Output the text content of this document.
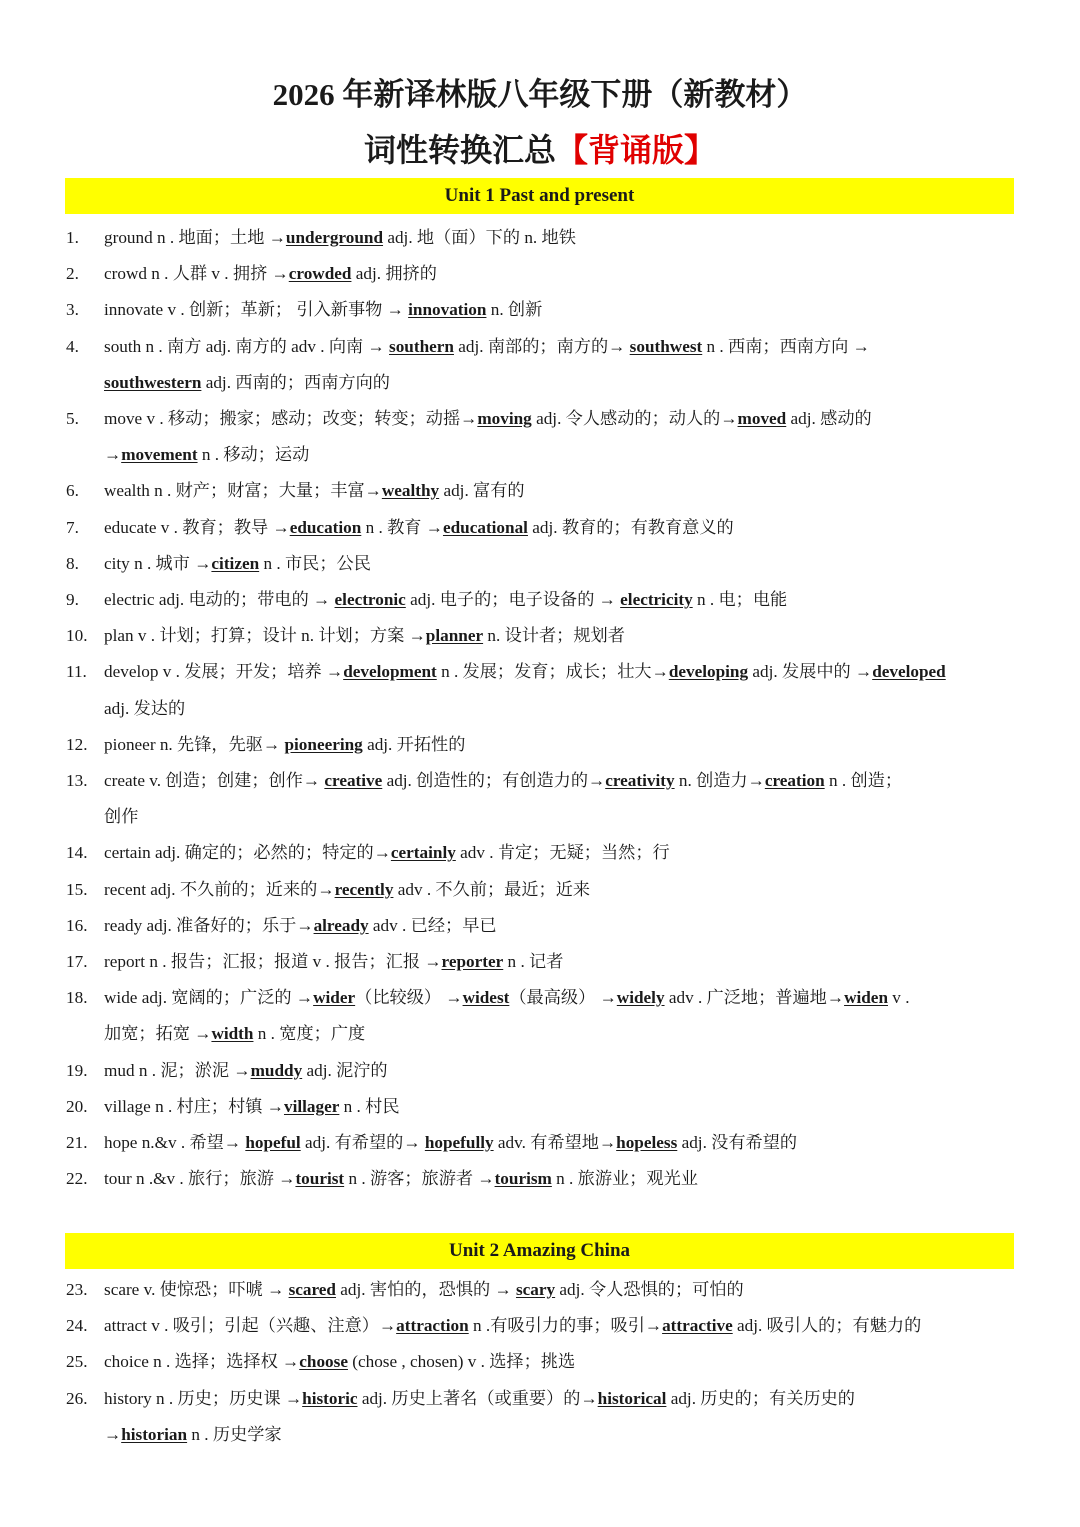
2026 年新译林版八年级下册（新教材）
词性转换汇总【背诵版】
Unit 1 Past and present
1. ground n . 地面；土地 →underground adj. 地（面）下的 n. 地铁
2. crowd n . 人群 v . 拥挤 →crowded adj. 拥挤的
3. innovate v . 创新；革新； 引入新事物 → innovation n. 创新
4. south n . 南方 adj. 南方的 adv . 向南 → southern adj. 南部的；南方的→ southwest n . 西南；西南方向 →
southwestern adj. 西南的；西南方向的
5. move v . 移动；搬家；感动；改变；转变；动摇→moving adj. 令人感动的；动人的→moved adj. 感动的
→movement n . 移动；运动
6. wealth n . 财产；财富；大量；丰富→wealthy adj. 富有的
7. educate v . 教育；教导 →education n . 教育 →educational adj. 教育的；有教育意义的
8. city n . 城市 →citizen n . 市民；公民
9. electric adj. 电动的；带电的 → electronic adj. 电子的；电子设备的 → electricity n . 电；电能
10. plan v . 计划；打算；设计 n. 计划；方案 →planner n. 设计者；规划者
11. develop v . 发展；开发；培养 →development n . 发展；发育；成长；壮大→developing adj. 发展中的 →developed
adj. 发达的
12. pioneer n. 先锋，先驱→ pioneering adj. 开拓性的
13. create v. 创造；创建；创作→ creative adj. 创造性的；有创造力的→creativity n. 创造力→creation n . 创造；
创作
14. certain adj. 确定的；必然的；特定的→certainly adv . 肯定；无疑；当然；行
15. recent adj. 不久前的；近来的→recently adv . 不久前；最近；近来
16. ready adj. 准备好的；乐于→already adv . 已经；早已
17. report n . 报告；汇报；报道 v . 报告；汇报 →reporter n . 记者
18. wide adj. 宽阔的；广泛的 →wider（比较级） →widest（最高级） →widely adv . 广泛地；普遍地→widen v .
加宽；拓宽 →width n . 宽度；广度
19. mud n . 泥；淤泥 →muddy adj. 泥泞的
20. village n . 村庄；村镇 →villager n . 村民
21. hope n.&v . 希望→ hopeful adj. 有希望的→ hopefully adv. 有希望地→hopeless adj. 没有希望的
22. tour n .&v . 旅行；旅游 →tourist n . 游客；旅游者 →tourism n . 旅游业；观光业
Unit 2 Amazing China
23. scare v. 使惊恐；吓唬 → scared adj. 害怕的，恐惧的 → scary adj. 令人恐惧的；可怕的
24. attract v . 吸引；引起（兴趣、注意）→attraction n .有吸引力的事；吸引→attractive adj. 吸引人的；有魅力的
25. choice n . 选择；选择权 →choose (chose , chosen) v . 选择；挑选
26. history n . 历史；历史课 →historic adj. 历史上著名（或重要）的→historical adj. 历史的；有关历史的
→historian n . 历史学家
